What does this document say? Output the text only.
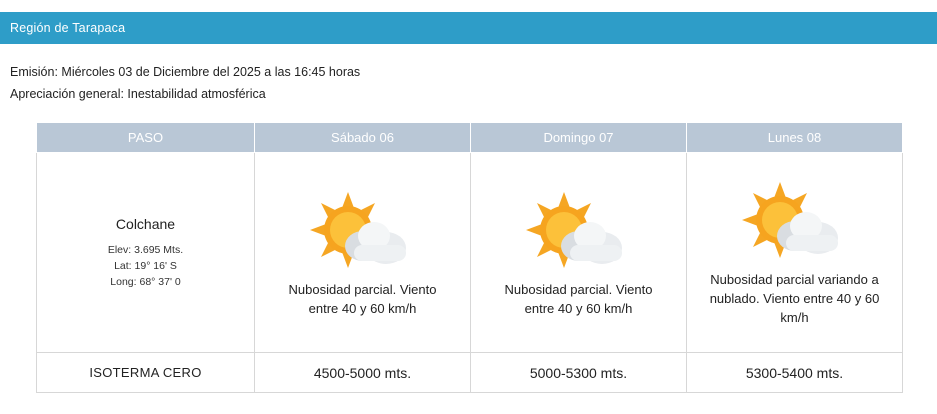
Región de Tarapaca
Emisión: Miércoles 03 de Diciembre del 2025 a las 16:45 horas
Apreciación general: Inestabilidad atmosférica
PASO	Sábado 06	Domingo 07	Lunes 08

Colchane
Elev: 3.695 Mts.
Lat: 19° 16' S
Long: 68° 37' 0	Nubosidad parcial. Viento entre 40 y 60 km/h	Nubosidad parcial. Viento entre 40 y 60 km/h	Nubosidad parcial variando a nublado. Viento entre 40 y 60 km/h

ISOTERMA CERO	4500-5000 mts.	5000-5300 mts.	5300-5400 mts.
